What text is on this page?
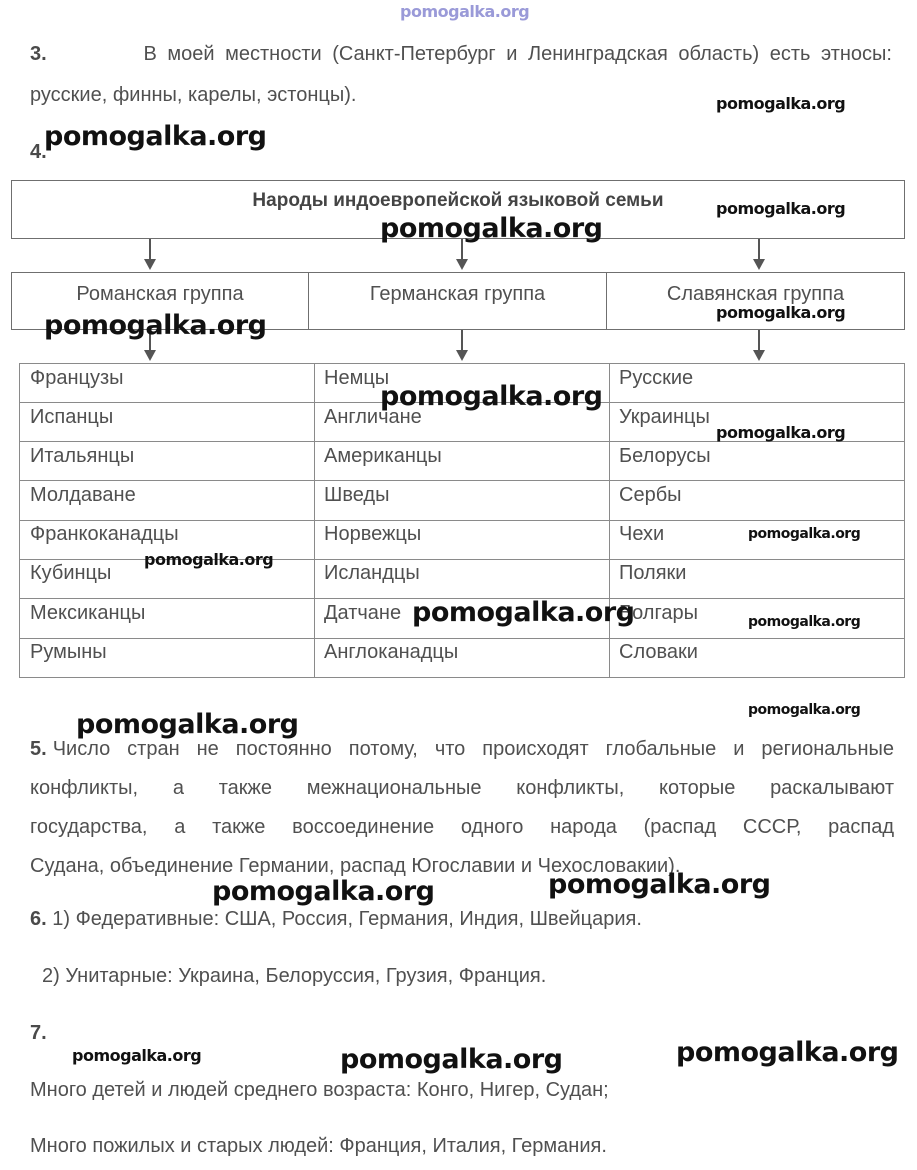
pomogalka.org
3.	В моей местности (Санкт-Петербург и Ленинградская область) есть этносы:
русские, финны, карелы, эстонцы).
4.
Народы индоевропейской языковой семьи
Романская группа	Германская группа	Славянская группа
Французы	Немцы	Русские
Испанцы	Англичане	Украинцы
Итальянцы	Американцы	Белорусы
Молдаване	Шведы	Сербы
Франкоканадцы	Норвежцы	Чехи
Кубинцы	Исландцы	Поляки
Мексиканцы	Датчане	Болгары
Румыны	Англоканадцы	Словаки
5. Число стран не постоянно потому, что происходят глобальные и региональные
конфликты, а также межнациональные конфликты, которые раскалывают
государства, а также воссоединение одного народа (распад СССР, распад
Судана, объединение Германии, распад Югославии и Чехословакии).
6. 1) Федеративные: США, Россия, Германия, Индия, Швейцария.
2) Унитарные: Украина, Белоруссия, Грузия, Франция.
7.
Много детей и людей среднего возраста: Конго, Нигер, Судан;
Много пожилых и старых людей: Франция, Италия, Германия.
pomogalka.org
pomogalka.org
pomogalka.org
pomogalka.org
pomogalka.org
pomogalka.org
pomogalka.org
pomogalka.org
pomogalka.org
pomogalka.org
pomogalka.org	pomogalka.org
pomogalka.org
pomogalka.org
pomogalka.org
pomogalka.org
pomogalka.org
pomogalka.org	pomogalka.org
